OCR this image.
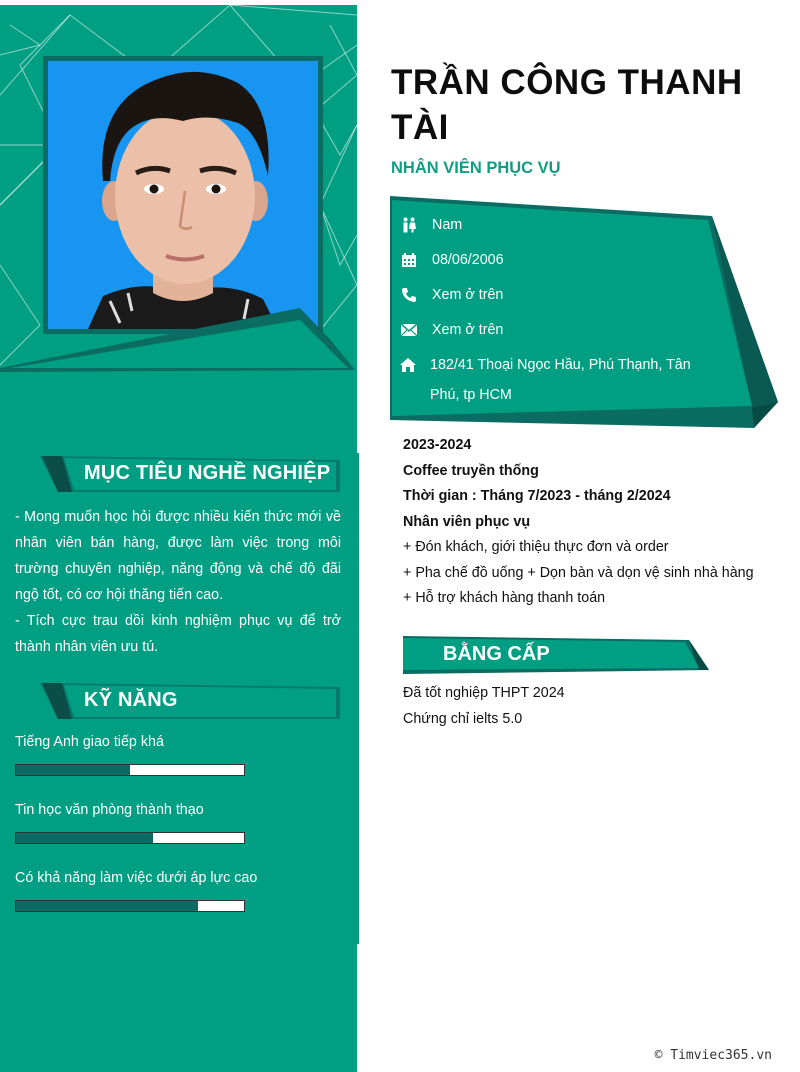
MỤC TIÊU NGHỀ NGHIỆP

- Mong muốn học hỏi được nhiều kiến thức mới về nhân viên bán hàng, được làm việc trong môi trường chuyên nghiệp, năng động và chế độ đãi ngộ tốt, có cơ hội thăng tiến cao.

- Tích cực trau dồi kinh nghiệm phục vụ để trở thành nhân viên ưu tú.

KỸ NĂNG
Tiếng Anh giao tiếp khá
Tin học văn phòng thành thạo
Có khả năng làm việc dưới áp lực cao
TRẦN CÔNG THANH TÀI
NHÂN VIÊN PHỤC VỤ
Nam
08/06/2006
Xem ở trên
Xem ở trên
182/41 Thoại Ngọc Hầu, Phú Thạnh, Tân Phú, tp HCM
2023-2024
Coffee truyền thống
Thời gian : Tháng 7/2023 - tháng 2/2024
Nhân viên phục vụ
+ Đón khách, giới thiệu thực đơn và order
+ Pha chế đồ uống + Dọn bàn và dọn vệ sinh nhà hàng
+ Hỗ trợ khách hàng thanh toán
BẰNG CẤP
Đã tốt nghiệp THPT 2024
Chứng chỉ ielts 5.0
© Timviec365.vn
